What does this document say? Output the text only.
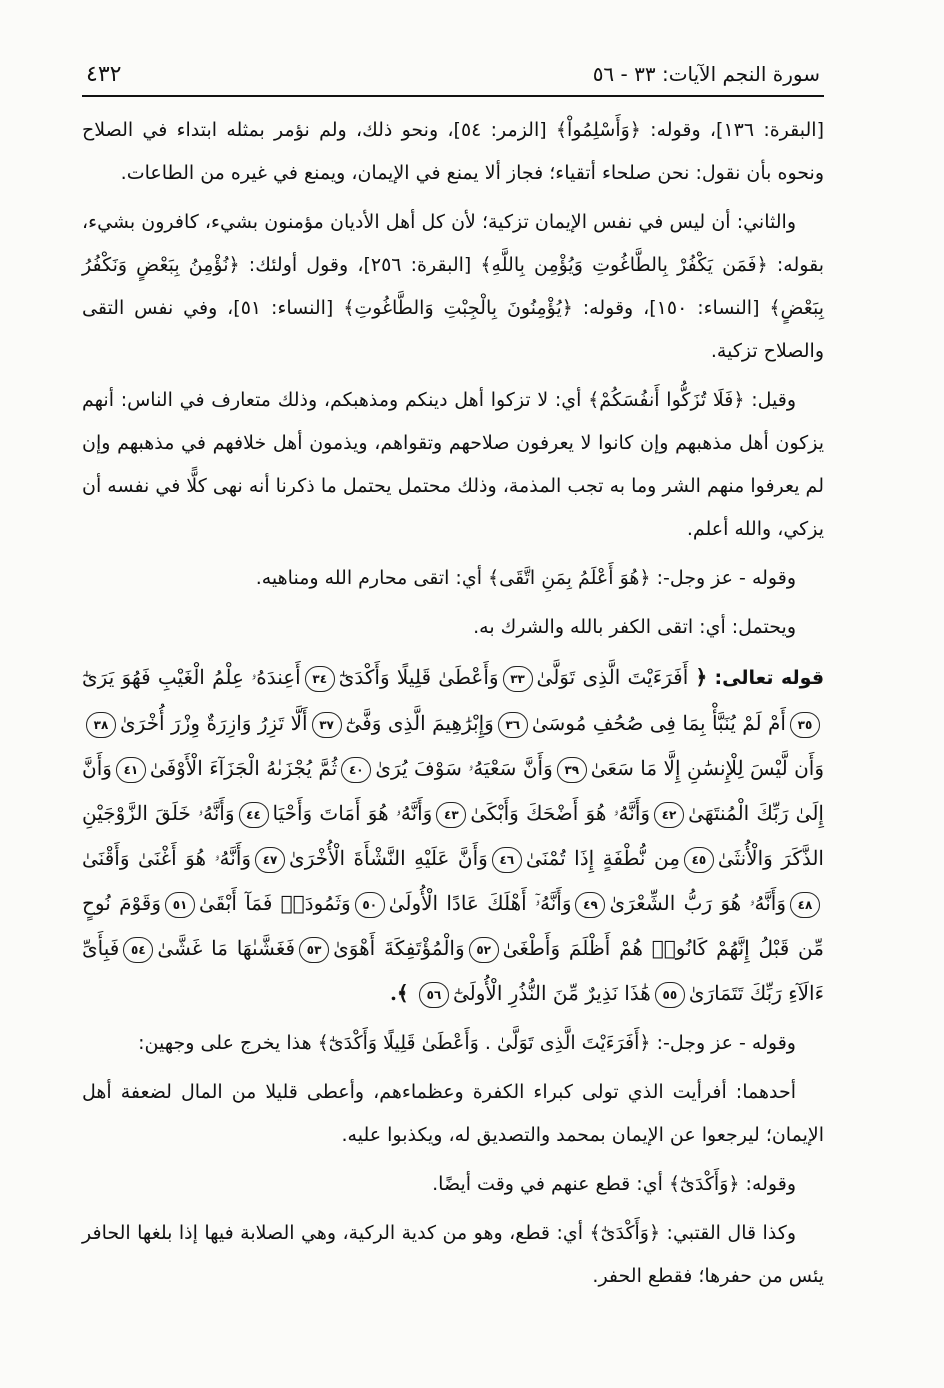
سورة النجم الآيات: ٣٣ - ٥٦
٤٣٢

[البقرة: ١٣٦]، وقوله: ﴿وَأَسْلِمُواْ﴾ [الزمر: ٥٤]، ونحو ذلك، ولم نؤمر بمثله ابتداء في الصلاح ونحوه بأن نقول: نحن صلحاء أتقياء؛ فجاز ألا يمنع في الإيمان، ويمنع في غيره من الطاعات.

والثاني: أن ليس في نفس الإيمان تزكية؛ لأن كل أهل الأديان مؤمنون بشيء، كافرون بشيء، بقوله: ﴿فَمَن يَكْفُرْ بِالطَّاغُوتِ وَيُؤْمِن بِاللَّهِ﴾ [البقرة: ٢٥٦]، وقول أولئك: ﴿نُؤْمِنُ بِبَعْضٍ وَنَكْفُرُ بِبَعْضٍ﴾ [النساء: ١٥٠]، وقوله: ﴿يُؤْمِنُونَ بِالْجِبْتِ وَالطَّاغُوتِ﴾ [النساء: ٥١]، وفي نفس التقى والصلاح تزكية.

وقيل: ﴿فَلَا تُزَكُّوا أَنفُسَكُمْ﴾ أي: لا تزكوا أهل دينكم ومذهبكم، وذلك متعارف في الناس: أنهم يزكون أهل مذهبهم وإن كانوا لا يعرفون صلاحهم وتقواهم، ويذمون أهل خلافهم في مذهبهم وإن لم يعرفوا منهم الشر وما به تجب المذمة، وذلك محتمل يحتمل ما ذكرنا أنه نهى كلًّا في نفسه أن يزكي، والله أعلم.

وقوله - عز وجل-: ﴿هُوَ أَعْلَمُ بِمَنِ اتَّقَى﴾ أي: اتقى محارم الله ومناهيه.

ويحتمل: أي: اتقى الكفر بالله والشرك به.

قوله تعالى: ﴿ أَفَرَءَيْتَ الَّذِى تَوَلَّىٰ٣٣وَأَعْطَىٰ قَلِيلًا وَأَكْدَىٰٓ٣٤أَعِندَهُۥ عِلْمُ الْغَيْبِ فَهُوَ يَرَىٰٓ٣٥أَمْ لَمْ يُنَبَّأْ بِمَا فِى صُحُفِ مُوسَىٰ٣٦وَإِبْرَٰهِيمَ الَّذِى وَفَّىٰٓ٣٧أَلَّا تَزِرُ وَازِرَةٌ وِزْرَ أُخْرَىٰ٣٨وَأَن لَّيْسَ لِلْإِنسَٰنِ إِلَّا مَا سَعَىٰ٣٩وَأَنَّ سَعْيَهُۥ سَوْفَ يُرَىٰ٤٠ثُمَّ يُجْزَىٰهُ الْجَزَآءَ الْأَوْفَىٰ٤١وَأَنَّ إِلَىٰ رَبِّكَ الْمُنتَهَىٰ٤٢وَأَنَّهُۥ هُوَ أَضْحَكَ وَأَبْكَىٰ٤٣وَأَنَّهُۥ هُوَ أَمَاتَ وَأَحْيَا٤٤وَأَنَّهُۥ خَلَقَ الزَّوْجَيْنِ الذَّكَرَ وَالْأُنثَىٰ٤٥مِن نُّطْفَةٍ إِذَا تُمْنَىٰ٤٦وَأَنَّ عَلَيْهِ النَّشْأَةَ الْأُخْرَىٰ٤٧وَأَنَّهُۥ هُوَ أَغْنَىٰ وَأَقْنَىٰ٤٨وَأَنَّهُۥ هُوَ رَبُّ الشِّعْرَىٰ٤٩وَأَنَّهُۥٓ أَهْلَكَ عَادًا الْأُولَىٰ٥٠وَثَمُودَا۟ فَمَآ أَبْقَىٰ٥١وَقَوْمَ نُوحٍ مِّن قَبْلُ إِنَّهُمْ كَانُوا۟ هُمْ أَظْلَمَ وَأَطْغَىٰ٥٢وَالْمُؤْتَفِكَةَ أَهْوَىٰ٥٣فَغَشَّىٰهَا مَا غَشَّىٰ٥٤فَبِأَىِّ ءَالَآءِ رَبِّكَ تَتَمَارَىٰ٥٥هَٰذَا نَذِيرٌ مِّنَ النُّذُرِ الْأُولَىٰٓ٥٦ ﴾.

وقوله - عز وجل-: ﴿أَفَرَءَيْتَ الَّذِى تَوَلَّىٰ . وَأَعْطَىٰ قَلِيلًا وَأَكْدَىٰٓ﴾ هذا يخرج على وجهين:

أحدهما: أفرأيت الذي تولى كبراء الكفرة وعظماءهم، وأعطى قليلا من المال لضعفة أهل الإيمان؛ ليرجعوا عن الإيمان بمحمد والتصديق له، ويكذبوا عليه.

وقوله: ﴿وَأَكْدَىٰٓ﴾ أي: قطع عنهم في وقت أيضًا.

وكذا قال القتبي: ﴿وَأَكْدَىٰٓ﴾ أي: قطع، وهو من كدية الركية، وهي الصلابة فيها إذا بلغها الحافر يئس من حفرها؛ فقطع الحفر.
